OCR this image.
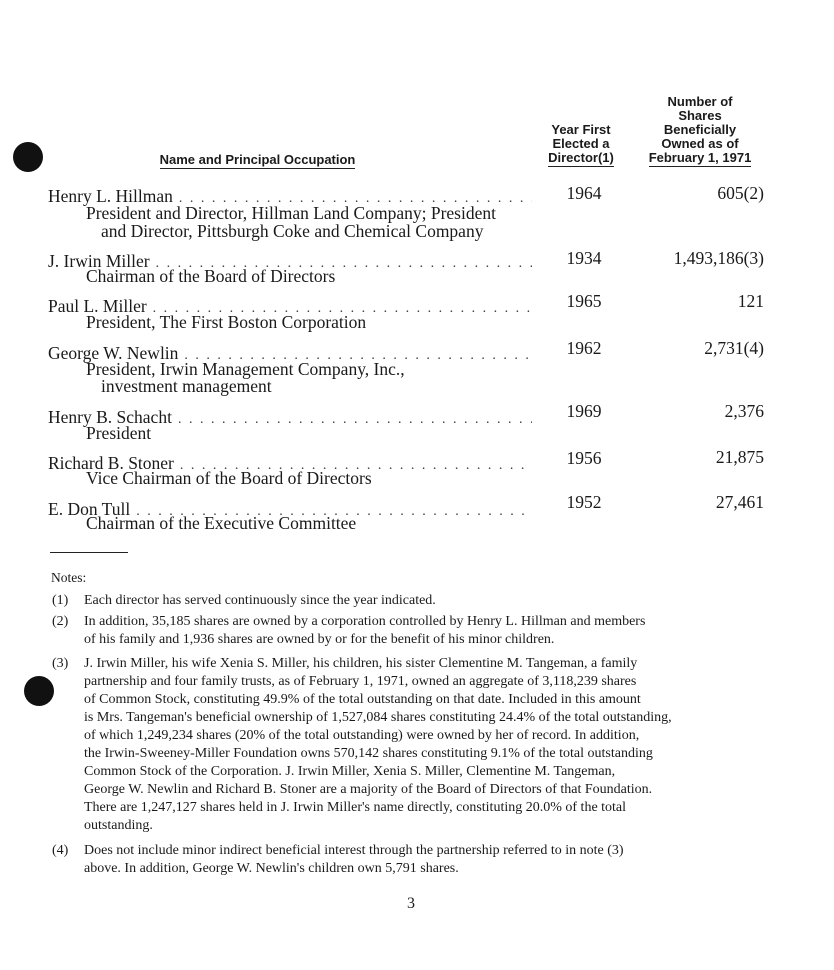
Name and Principal Occupation
Year First
Elected a
Director(1)
Number of
Shares
Beneficially
Owned as of
February 1, 1971
Henry L. Hillman
. . .
President and Director, Hillman Land Company; President
and Director, Pittsburgh Coke and Chemical Company
1964	605(2)
J. Irwin Miller
. . .
Chairman of the Board of Directors
1934	1,493,186(3)
Paul L. Miller
. . .
President, The First Boston Corporation
1965	121
George W. Newlin
. . .
President, Irwin Management Company, Inc.,
investment management
1962	2,731(4)
Henry B. Schacht
. . .
President
1969	2,376
Richard B. Stoner
. . .
Vice Chairman of the Board of Directors
1956	21,875
E. Don Tull
. . .
Chairman of the Executive Committee
1952	27,461
Notes:
(1) Each director has served continuously since the year indicated.
(2) In addition, 35,185 shares are owned by a corporation controlled by Henry L. Hillman and members
of his family and 1,936 shares are owned by or for the benefit of his minor children.
(3) J. Irwin Miller, his wife Xenia S. Miller, his children, his sister Clementine M. Tangeman, a family
partnership and four family trusts, as of February 1, 1971, owned an aggregate of 3,118,239 shares
of Common Stock, constituting 49.9% of the total outstanding on that date. Included in this amount
is Mrs. Tangeman's beneficial ownership of 1,527,084 shares constituting 24.4% of the total outstanding,
of which 1,249,234 shares (20% of the total outstanding) were owned by her of record. In addition,
the Irwin-Sweeney-Miller Foundation owns 570,142 shares constituting 9.1% of the total outstanding
Common Stock of the Corporation. J. Irwin Miller, Xenia S. Miller, Clementine M. Tangeman,
George W. Newlin and Richard B. Stoner are a majority of the Board of Directors of that Foundation.
There are 1,247,127 shares held in J. Irwin Miller's name directly, constituting 20.0% of the total
outstanding.
(4) Does not include minor indirect beneficial interest through the partnership referred to in note (3)
above. In addition, George W. Newlin's children own 5,791 shares.
3
